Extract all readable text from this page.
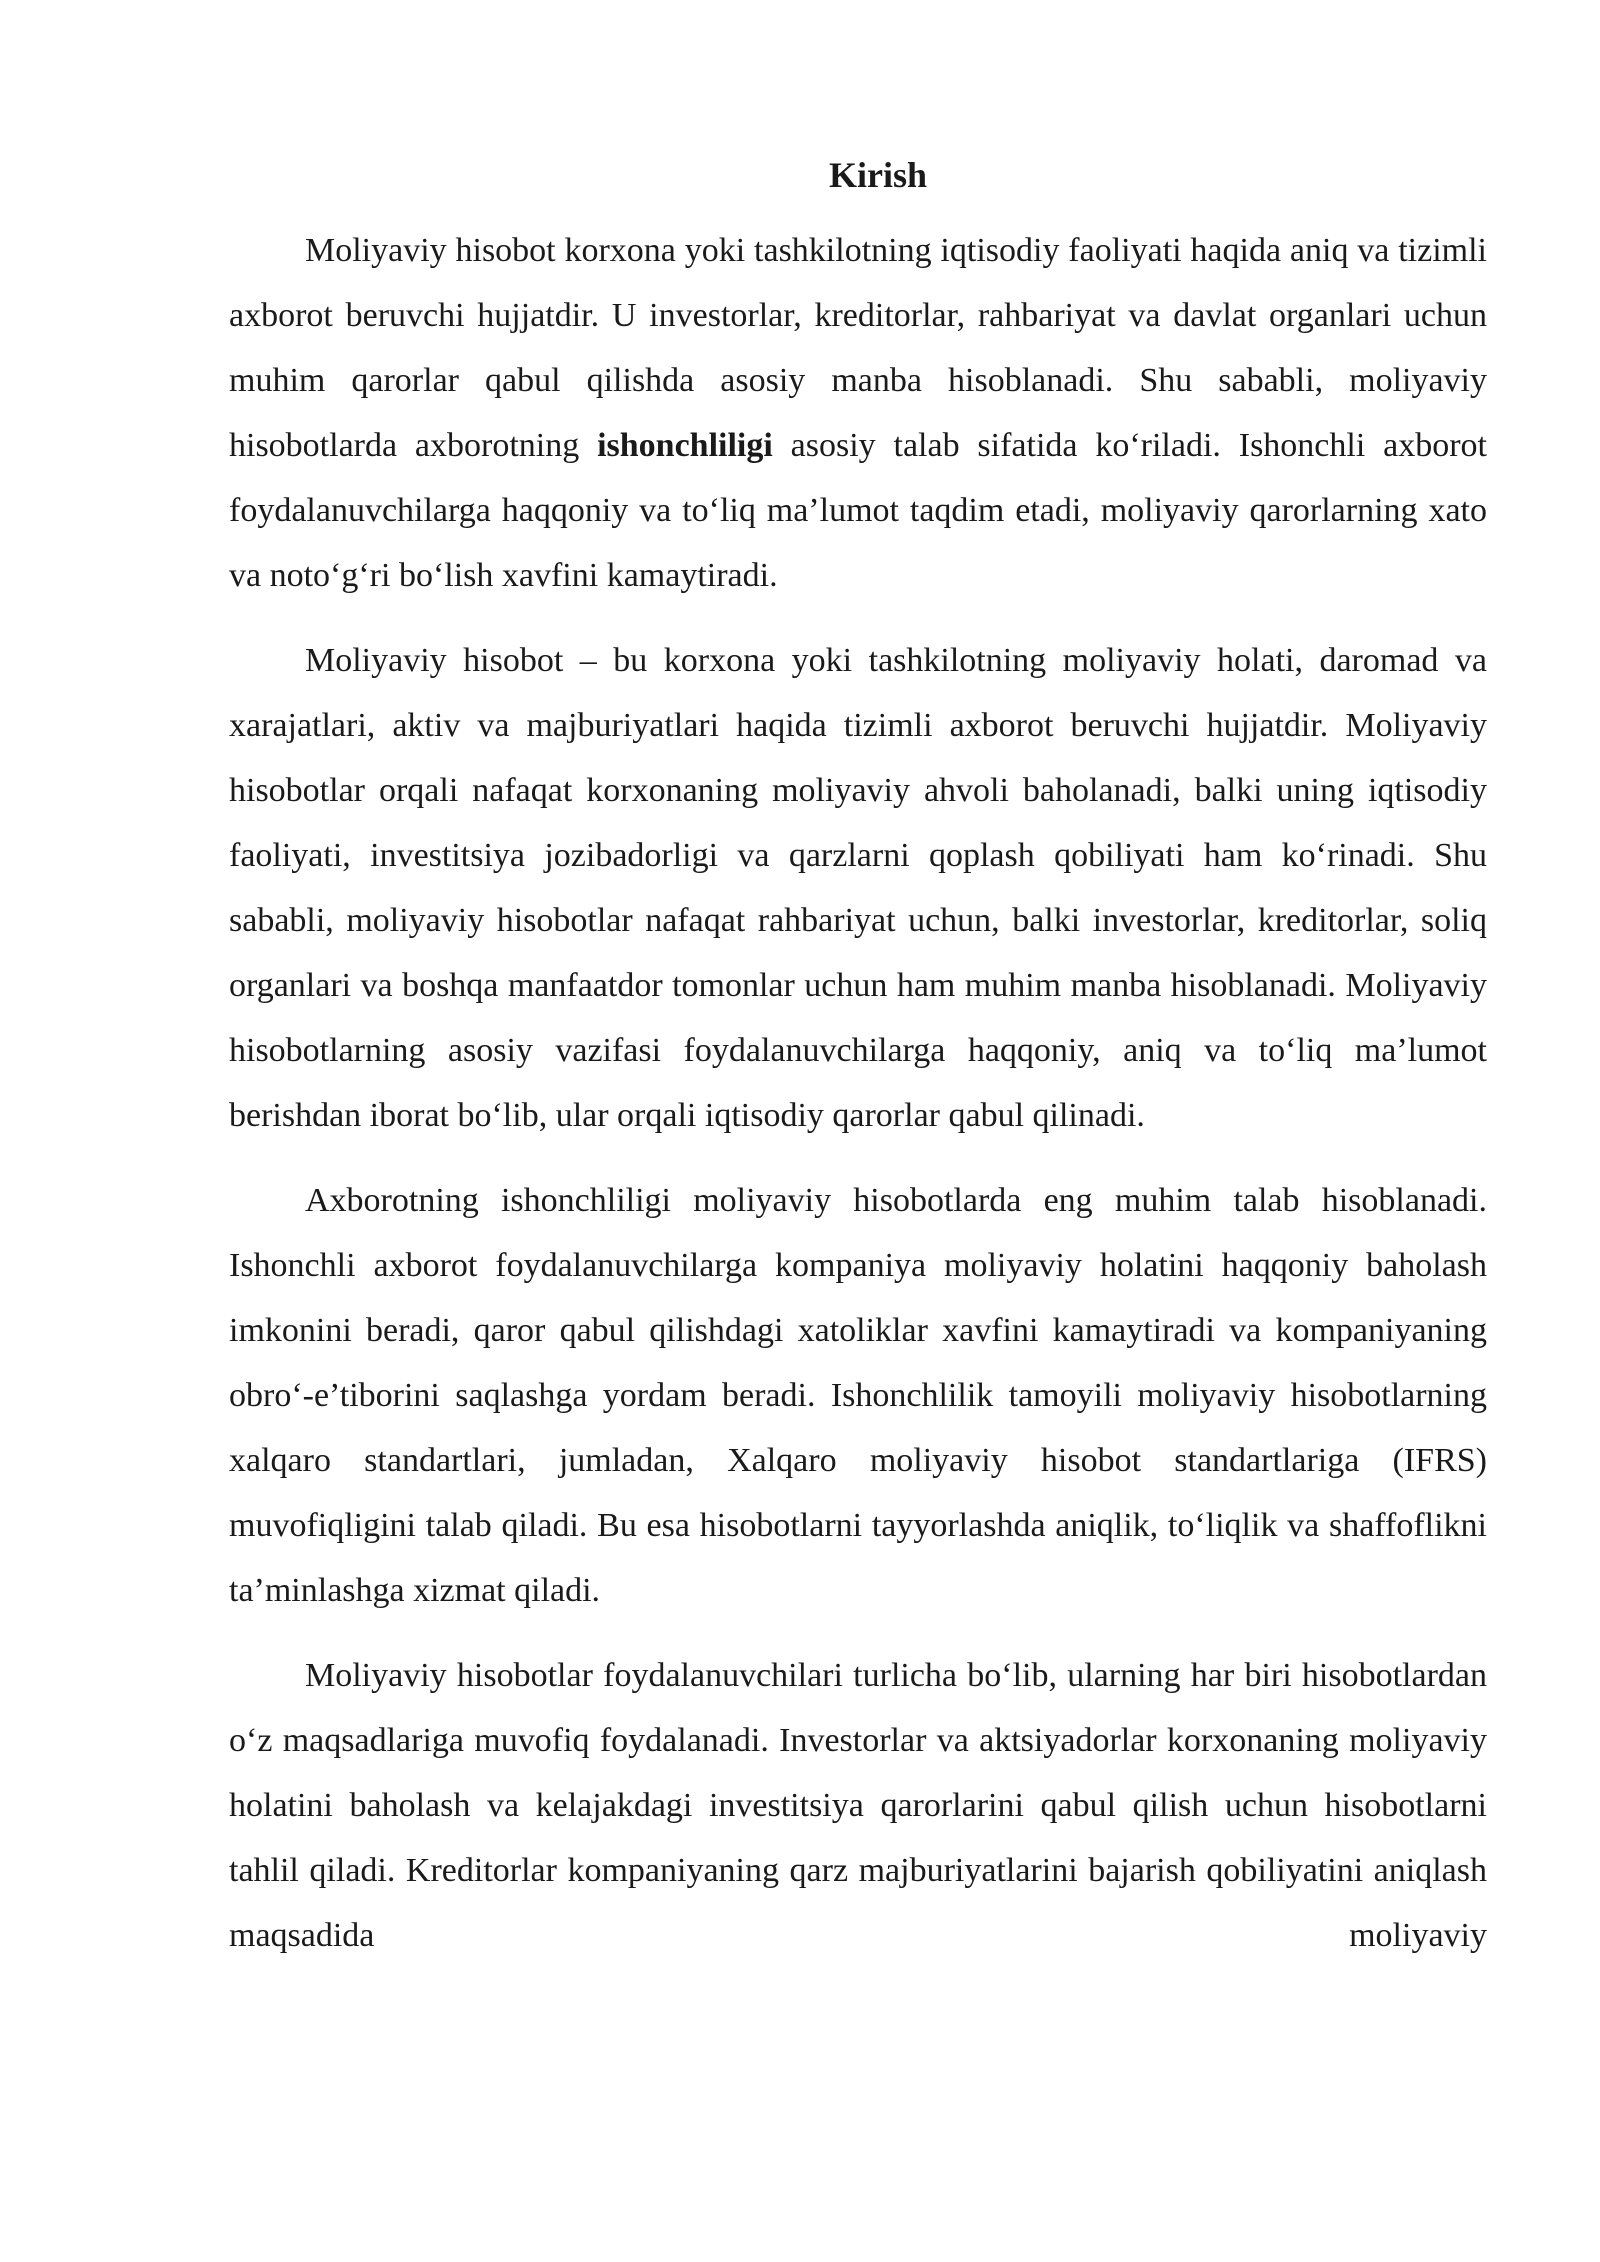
Kirish

Moliyaviy hisobot korxona yoki tashkilotning iqtisodiy faoliyati haqida aniq va tizimli axborot beruvchi hujjatdir. U investorlar, kreditorlar, rahbariyat va davlat organlari uchun muhim qarorlar qabul qilishda asosiy manba hisoblanadi. Shu sababli, moliyaviy hisobotlarda axborotning ishonchliligi asosiy talab sifatida ko‘riladi. Ishonchli axborot foydalanuvchilarga haqqoniy va to‘liq ma’lumot taqdim etadi, moliyaviy qarorlarning xato va noto‘g‘ri bo‘lish xavfini kamaytiradi.

Moliyaviy hisobot – bu korxona yoki tashkilotning moliyaviy holati, daromad va xarajatlari, aktiv va majburiyatlari haqida tizimli axborot beruvchi hujjatdir. Moliyaviy hisobotlar orqali nafaqat korxonaning moliyaviy ahvoli baholanadi, balki uning iqtisodiy faoliyati, investitsiya jozibadorligi va qarzlarni qoplash qobiliyati ham ko‘rinadi. Shu sababli, moliyaviy hisobotlar nafaqat rahbariyat uchun, balki investorlar, kreditorlar, soliq organlari va boshqa manfaatdor tomonlar uchun ham muhim manba hisoblanadi. Moliyaviy hisobotlarning asosiy vazifasi foydalanuvchilarga haqqoniy, aniq va to‘liq ma’lumot berishdan iborat bo‘lib, ular orqali iqtisodiy qarorlar qabul qilinadi.

Axborotning ishonchliligi moliyaviy hisobotlarda eng muhim talab hisoblanadi. Ishonchli axborot foydalanuvchilarga kompaniya moliyaviy holatini haqqoniy baholash imkonini beradi, qaror qabul qilishdagi xatoliklar xavfini kamaytiradi va kompaniyaning obro‘-e’tiborini saqlashga yordam beradi. Ishonchlilik tamoyili moliyaviy hisobotlarning xalqaro standartlari, jumladan, Xalqaro moliyaviy hisobot standartlariga (IFRS) muvofiqligini talab qiladi. Bu esa hisobotlarni tayyorlashda aniqlik, to‘liqlik va shaffoflikni ta’minlashga xizmat qiladi.

Moliyaviy hisobotlar foydalanuvchilari turlicha bo‘lib, ularning har biri hisobotlardan o‘z maqsadlariga muvofiq foydalanadi. Investorlar va aktsiyadorlar korxonaning moliyaviy holatini baholash va kelajakdagi investitsiya qarorlarini qabul qilish uchun hisobotlarni tahlil qiladi. Kreditorlar kompaniyaning qarz majburiyatlarini bajarish qobiliyatini aniqlash maqsadida moliyaviy
